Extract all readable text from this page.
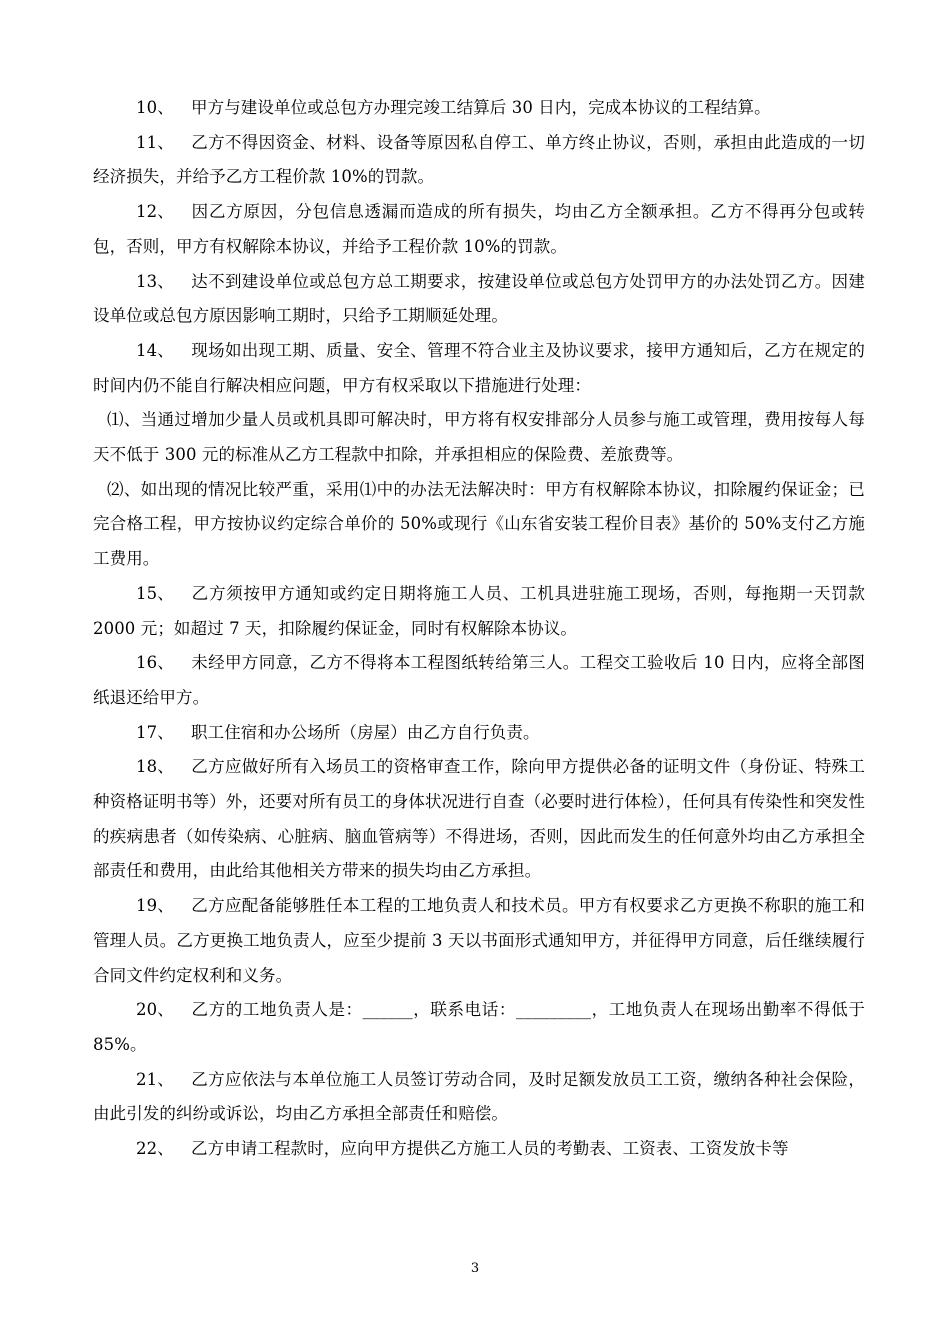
10、 甲方与建设单位或总包方办理完竣工结算后 30 日内，完成本协议的工程结算。

11、 乙方不得因资金、材料、设备等原因私自停工、单方终止协议，否则，承担由此造成的一切经济损失，并给予乙方工程价款 10%的罚款。

12、 因乙方原因，分包信息透漏而造成的所有损失，均由乙方全额承担。乙方不得再分包或转包，否则，甲方有权解除本协议，并给予工程价款 10%的罚款。

13、 达不到建设单位或总包方总工期要求，按建设单位或总包方处罚甲方的办法处罚乙方。因建设单位或总包方原因影响工期时，只给予工期顺延处理。

14、 现场如出现工期、质量、安全、管理不符合业主及协议要求，接甲方通知后，乙方在规定的时间内仍不能自行解决相应问题，甲方有权采取以下措施进行处理：

⑴、当通过增加少量人员或机具即可解决时，甲方将有权安排部分人员参与施工或管理，费用按每人每天不低于 300 元的标准从乙方工程款中扣除，并承担相应的保险费、差旅费等。

⑵、如出现的情况比较严重，采用⑴中的办法无法解决时：甲方有权解除本协议，扣除履约保证金；已完合格工程，甲方按协议约定综合单价的 50%或现行《山东省安装工程价目表》基价的 50%支付乙方施工费用。

15、 乙方须按甲方通知或约定日期将施工人员、工机具进驻施工现场，否则，每拖期一天罚款 2000 元；如超过 7 天，扣除履约保证金，同时有权解除本协议。

16、 未经甲方同意，乙方不得将本工程图纸转给第三人。工程交工验收后 10 日内，应将全部图纸退还给甲方。

17、 职工住宿和办公场所（房屋）由乙方自行负责。

18、 乙方应做好所有入场员工的资格审查工作，除向甲方提供必备的证明文件（身份证、特殊工种资格证明书等）外，还要对所有员工的身体状况进行自查（必要时进行体检），任何具有传染性和突发性的疾病患者（如传染病、心脏病、脑血管病等）不得进场，否则，因此而发生的任何意外均由乙方承担全部责任和费用，由此给其他相关方带来的损失均由乙方承担。

19、 乙方应配备能够胜任本工程的工地负责人和技术员。甲方有权要求乙方更换不称职的施工和管理人员。乙方更换工地负责人，应至少提前 3 天以书面形式通知甲方，并征得甲方同意，后任继续履行合同文件约定权利和义务。

20、 乙方的工地负责人是：______，联系电话：_________，工地负责人在现场出勤率不得低于 85%。

21、 乙方应依法与本单位施工人员签订劳动合同，及时足额发放员工工资，缴纳各种社会保险，由此引发的纠纷或诉讼，均由乙方承担全部责任和赔偿。

22、 乙方申请工程款时，应向甲方提供乙方施工人员的考勤表、工资表、工资发放卡等

3
